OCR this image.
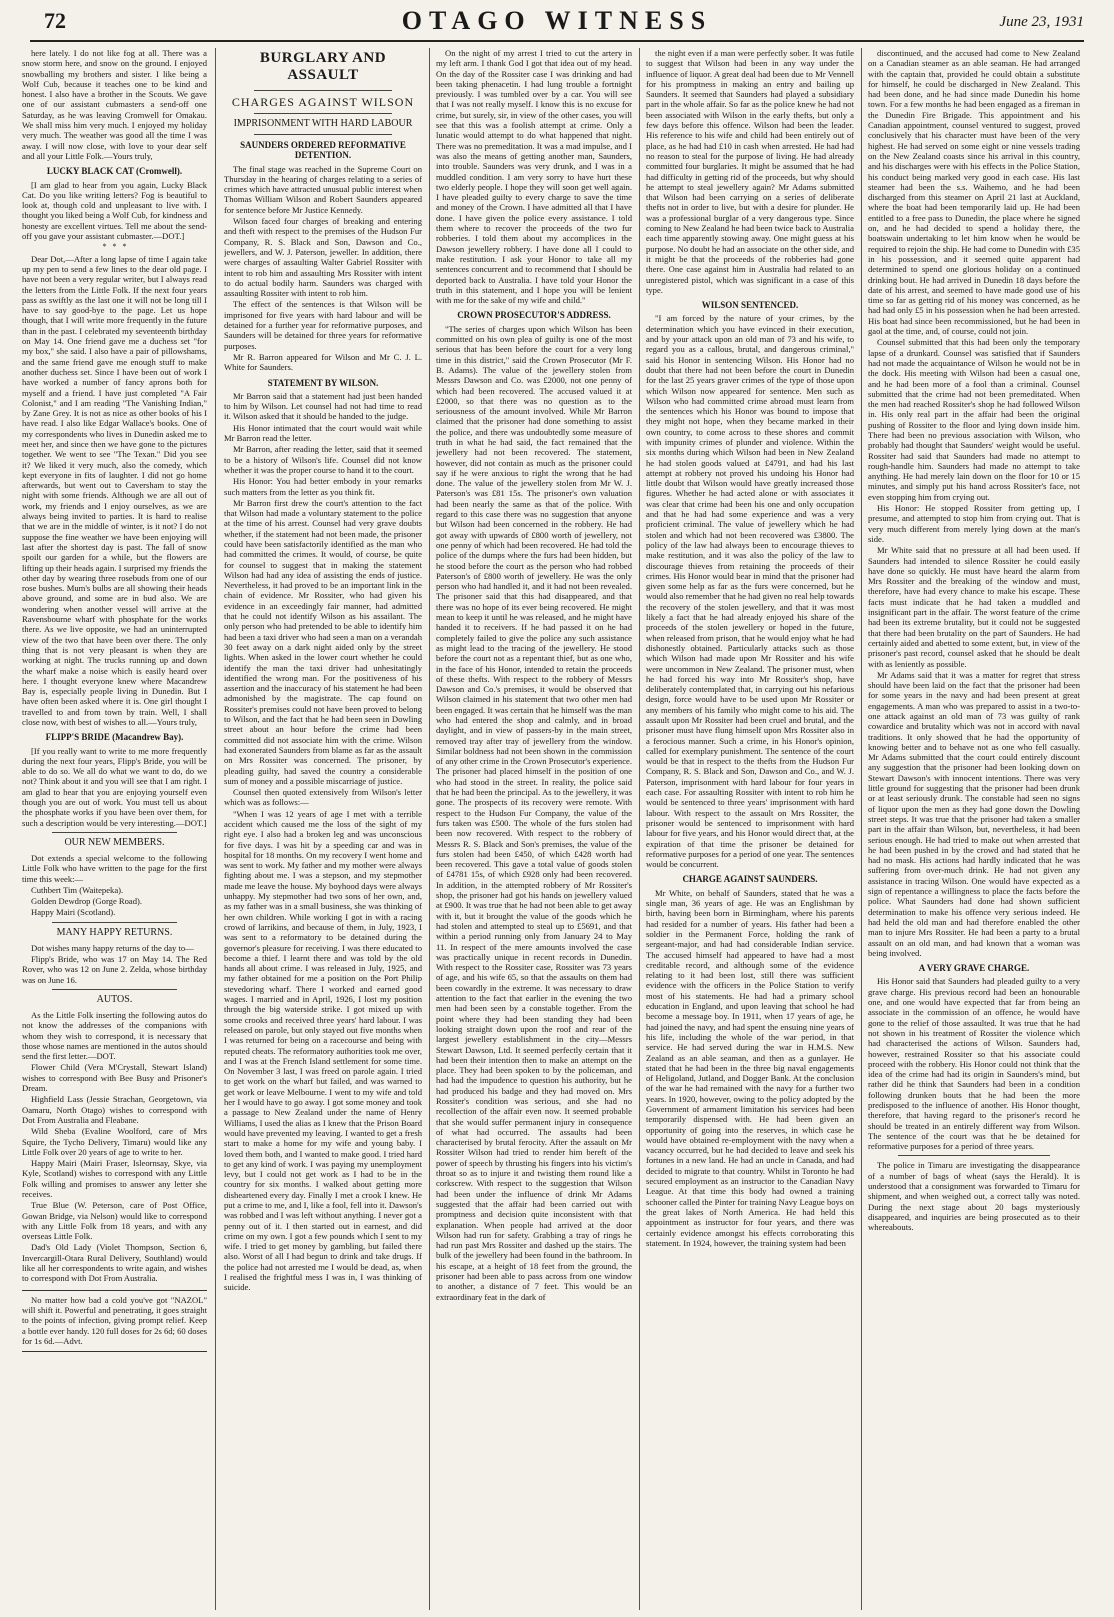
72	OTAGO WITNESS	June 23, 1931

here lately. I do not like fog at all. There was a snow storm here, and snow on the ground. I enjoyed snowballing my brothers and sister. I like being a Wolf Cub, because it teaches one to be kind and honest. I also have a brother in the Scouts. We gave one of our assistant cubmasters a send-off one Saturday, as he was leaving Cromwell for Omakau. We shall miss him very much. I enjoyed my holiday very much. The weather was good all the time I was away. I will now close, with love to your dear self and all your Little Folk.—Yours truly,

LUCKY BLACK CAT (Cromwell).

[I am glad to hear from you again, Lucky Black Cat. Do you like writing letters? Fog is beautiful to look at, though cold and unpleasant to live with. I thought you liked being a Wolf Cub, for kindness and honesty are excellent virtues. Tell me about the send-off you gave your assistant cubmaster.—DOT.]

*   *   *

Dear Dot,—After a long lapse of time I again take up my pen to send a few lines to the dear old page. I have not been a very regular writer, but I always read the letters from the Little Folk. If the next four years pass as swiftly as the last one it will not be long till I have to say good-bye to the page. Let us hope though, that I will write more frequently in the future than in the past. I celebrated my seventeenth birthday on May 14. One friend gave me a duchess set "for my box," she said. I also have a pair of pillowshams, and the same friend gave me enough stuff to make another duchess set. Since I have been out of work I have worked a number of fancy aprons both for myself and a friend. I have just completed "A Fair Colonist," and I am reading "The Vanishing Indian," by Zane Grey. It is not as nice as other books of his I have read. I also like Edgar Wallace's books. One of my correspondents who lives in Dunedin asked me to meet her, and since then we have gone to the pictures together. We went to see "The Texan." Did you see it? We liked it very much, also the comedy, which kept everyone in fits of laughter. I did not go home afterwards, but went out to Caversham to stay the night with some friends. Although we are all out of work, my friends and I enjoy ourselves, as we are always being invited to parties. It is hard to realise that we are in the middle of winter, is it not? I do not suppose the fine weather we have been enjoying will last after the shortest day is past. The fall of snow spoilt our garden for a while, but the flowers are lifting up their heads again. I surprised my friends the other day by wearing three rosebuds from one of our rose bushes. Mum's bulbs are all showing their heads above ground, and some are in bud also. We are wondering when another vessel will arrive at the Ravensbourne wharf with phosphate for the works there. As we live opposite, we had an uninterrupted view of the two that have been over there. The only thing that is not very pleasant is when they are working at night. The trucks running up and down the wharf make a noise which is easily heard over here. I thought everyone knew where Macandrew Bay is, especially people living in Dunedin. But I have often been asked where it is. One girl thought I travelled to and from town by train. Well, I shall close now, with best of wishes to all.—Yours truly,

FLIPP'S BRIDE (Macandrew Bay).

[If you really want to write to me more frequently during the next four years, Flipp's Bride, you will be able to do so. We all do what we want to do, do we not? Think about it and you will see that I am right. I am glad to hear that you are enjoying yourself even though you are out of work. You must tell us about the phosphate works if you have been over them, for such a description would be very interesting.—DOT.]

OUR NEW MEMBERS.

Dot extends a special welcome to the following Little Folk who have written to the page for the first time this week:—

Cuthbert Tim (Waitepeka).

Golden Dewdrop (Gorge Road).

Happy Mairi (Scotland).

MANY HAPPY RETURNS.

Dot wishes many happy returns of the day to—

Flipp's Bride, who was 17 on May 14. The Red Rover, who was 12 on June 2. Zelda, whose birthday was on June 16.

AUTOS.

As the Little Folk inserting the following autos do not know the addresses of the companions with whom they wish to correspond, it is necessary that those whose names are mentioned in the autos should send the first letter.—DOT.

Flower Child (Vera M'Crystall, Stewart Island) wishes to correspond with Bee Busy and Prisoner's Dream.

Highfield Lass (Jessie Strachan, Georgetown, via Oamaru, North Otago) wishes to correspond with Dot From Australia and Fleabane.

Wild Sheba (Evaline Woolford, care of Mrs Squire, the Tycho Delivery, Timaru) would like any Little Folk over 20 years of age to write to her.

Happy Mairi (Mairi Fraser, Isleornsay, Skye, via Kyle, Scotland) wishes to correspond with any Little Folk willing and promises to answer any letter she receives.

True Blue (W. Peterson, care of Post Office, Gowan Bridge, via Nelson) would like to correspond with any Little Folk from 18 years, and with any overseas Little Folk.

Dad's Old Lady (Violet Thompson, Section 6, Invercargill-Otara Rural Delivery, Southland) would like all her correspondents to write again, and wishes to correspond with Dot From Australia.

No matter how bad a cold you've got "NAZOL" will shift it. Powerful and penetrating, it goes straight to the points of infection, giving prompt relief. Keep a bottle ever handy. 120 full doses for 2s 6d; 60 doses for 1s 6d.—Advt.

BURGLARY AND ASSAULT
CHARGES AGAINST WILSON
IMPRISONMENT WITH HARD LABOUR
SAUNDERS ORDERED REFORMATIVE DETENTION.

The final stage was reached in the Supreme Court on Thursday in the hearing of charges relating to a series of crimes which have attracted unusual public interest when Thomas William Wilson and Robert Saunders appeared for sentence before Mr Justice Kennedy.

Wilson faced four charges of breaking and entering and theft with respect to the premises of the Hudson Fur Company, R. S. Black and Son, Dawson and Co., jewellers, and W. J. Paterson, jeweller. In addition, there were charges of assaulting Walter Gabriel Rossiter with intent to rob him and assaulting Mrs Rossiter with intent to do actual bodily harm. Saunders was charged with assaulting Rossiter with intent to rob him.

The effect of the sentences is that Wilson will be imprisoned for five years with hard labour and will be detained for a further year for reformative purposes, and Saunders will be detained for three years for reformative purposes.

Mr R. Barron appeared for Wilson and Mr C. J. L. White for Saunders.

STATEMENT BY WILSON.

Mr Barron said that a statement had just been handed to him by Wilson. Let counsel had not had time to read it. Wilson asked that it should be handed to the judge.

His Honor intimated that the court would wait while Mr Barron read the letter.

Mr Barron, after reading the letter, said that it seemed to be a history of Wilson's life. Counsel did not know whether it was the proper course to hand it to the court.

His Honor: You had better embody in your remarks such matters from the letter as you think fit.

Mr Barron first drew the court's attention to the fact that Wilson had made a voluntary statement to the police at the time of his arrest. Counsel had very grave doubts whether, if the statement had not been made, the prisoner could have been satisfactorily identified as the man who had committed the crimes. It would, of course, be quite for counsel to suggest that in making the statement Wilson had had any idea of assisting the ends of justice. Nevertheless, it had proved to be an important link in the chain of evidence. Mr Rossiter, who had given his evidence in an exceedingly fair manner, had admitted that he could not identify Wilson as his assailant. The only person who had pretended to be able to identify him had been a taxi driver who had seen a man on a verandah 30 feet away on a dark night aided only by the street lights. When asked in the lower court whether he could identify the man the taxi driver had unhesitatingly identified the wrong man. For the positiveness of his assertion and the inaccuracy of his statement he had been admonished by the magistrate. The cap found on Rossiter's premises could not have been proved to belong to Wilson, and the fact that he had been seen in Dowling street about an hour before the crime had been committed did not associate him with the crime. Wilson had exonerated Saunders from blame as far as the assault on Mrs Rossiter was concerned. The prisoner, by pleading guilty, had saved the country a considerable sum of money and a possible miscarriage of justice.

Counsel then quoted extensively from Wilson's letter which was as follows:—

"When I was 12 years of age I met with a terrible accident which caused me the loss of the sight of my right eye. I also had a broken leg and was unconscious for five days. I was hit by a speeding car and was in hospital for 18 months. On my recovery I went home and was sent to work. My father and my mother were always fighting about me. I was a stepson, and my stepmother made me leave the house. My boyhood days were always unhappy. My stepmother had two sons of her own, and, as my father was in a small business, she was thinking of her own children. While working I got in with a racing crowd of larrikins, and because of them, in July, 1923, I was sent to a reformatory to be detained during the governor's pleasure for receiving. I was there educated to become a thief. I learnt there and was told by the old hands all about crime. I was released in July, 1925, and my father obtained for me a position on the Port Philip stevedoring wharf. There I worked and earned good wages. I married and in April, 1926, I lost my position through the big waterside strike. I got mixed up with some crooks and received three years' hard labour. I was released on parole, but only stayed out five months when I was returned for being on a racecourse and being with reputed cheats. The reformatory authorities took me over, and I was at the French Island settlement for some time. On November 3 last, I was freed on parole again. I tried to get work on the wharf but failed, and was warned to get work or leave Melbourne. I went to my wife and told her I would have to go away. I got some money and took a passage to New Zealand under the name of Henry Williams, I used the alias as I knew that the Prison Board would have prevented my leaving. I wanted to get a fresh start to make a home for my wife and young baby. I loved them both, and I wanted to make good. I tried hard to get any kind of work. I was paying my unemployment levy, but I could not get work as I had to be in the country for six months. I walked about getting more disheartened every day. Finally I met a crook I knew. He put a crime to me, and I, like a fool, fell into it. Dawson's was robbed and I was left without anything. I never got a penny out of it. I then started out in earnest, and did crime on my own. I got a few pounds which I sent to my wife. I tried to get money by gambling, but failed there also. Worst of all I had begun to drink and take drugs. If the police had not arrested me I would be dead, as, when I realised the frightful mess I was in, I was thinking of suicide.

On the night of my arrest I tried to cut the artery in my left arm. I thank God I got that idea out of my head. On the day of the Rossiter case I was drinking and had been taking phenacetin. I had lung trouble a fortnight previously. I was tumbled over by a car. You will see that I was not really myself. I know this is no excuse for crime, but surely, sir, in view of the other cases, you will see that this was a foolish attempt at crime. Only a lunatic would attempt to do what happened that night. There was no premeditation. It was a mad impulse, and I was also the means of getting another man, Saunders, into trouble. Saunders was very drunk, and I was in a muddled condition. I am very sorry to have hurt these two elderly people. I hope they will soon get well again. I have pleaded guilty to every charge to save the time and money of the Crown. I have admitted all that I have done. I have given the police every assistance. I told them where to recover the proceeds of the two fur robberies. I told them about my accomplices in the Dawson jewellery robbery. I have done all I could to make restitution. I ask your Honor to take all my sentences concurrent and to recommend that I should be deported back to Australia. I have told your Honor the truth in this statement, and I hope you will be lenient with me for the sake of my wife and child."

CROWN PROSECUTOR'S ADDRESS.

"The series of charges upon which Wilson has been committed on his own plea of guilty is one of the most serious that has been before the court for a very long time in this district," said the Crown Prosecutor (Mr F. B. Adams). The value of the jewellery stolen from Messrs Dawson and Co. was £2000, not one penny of which had been recovered. The accused valued it at £2000, so that there was no question as to the seriousness of the amount involved. While Mr Barron claimed that the prisoner had done something to assist the police, and there was undoubtedly some measure of truth in what he had said, the fact remained that the jewellery had not been recovered. The statement, however, did not contain as much as the prisoner could say if he were anxious to right the wrong that he had done. The value of the jewellery stolen from Mr W. J. Paterson's was £81 15s. The prisoner's own valuation had been nearly the same as that of the police. With regard to this case there was no suggestion that anyone but Wilson had been concerned in the robbery. He had got away with upwards of £800 worth of jewellery, not one penny of which had been recovered. He had told the police of the dumps where the furs had been hidden, but he stood before the court as the person who had robbed Paterson's of £800 worth of jewellery. He was the only person who had handled it, and it had not been revealed. The prisoner said that this had disappeared, and that there was no hope of its ever being recovered. He might mean to keep it until he was released, and he might have handed it to receivers. If he had passed it on he had completely failed to give the police any such assistance as might lead to the tracing of the jewellery. He stood before the court not as a repentant thief, but as one who, in the face of his Honor, intended to retain the proceeds of these thefts. With respect to the robbery of Messrs Dawson and Co.'s premises, it would be observed that Wilson claimed in his statement that two other men had been engaged. It was certain that he himself was the man who had entered the shop and calmly, and in broad daylight, and in view of passers-by in the main street, removed tray after tray of jewellery from the window. Similar boldness had not been shown in the commission of any other crime in the Crown Prosecutor's experience. The prisoner had placed himself in the position of one who had stood in the street. In reality, the police said that he had been the principal. As to the jewellery, it was gone. The prospects of its recovery were remote. With respect to the Hudson Fur Company, the value of the furs taken was £500. The whole of the furs stolen had been now recovered. With respect to the robbery of Messrs R. S. Black and Son's premises, the value of the furs stolen had been £450, of which £428 worth had been recovered. This gave a total value of goods stolen of £4781 15s, of which £928 only had been recovered. In addition, in the attempted robbery of Mr Rossiter's shop, the prisoner had got his hands on jewellery valued at £900. It was true that he had not been able to get away with it, but it brought the value of the goods which he had stolen and attempted to steal up to £5691, and that within a period running only from January 24 to May 11. In respect of the mere amounts involved the case was practically unique in recent records in Dunedin. With respect to the Rossiter case, Rossiter was 73 years of age, and his wife 65, so that the assaults on them had been cowardly in the extreme. It was necessary to draw attention to the fact that earlier in the evening the two men had been seen by a constable together. From the point where they had been standing they had been looking straight down upon the roof and rear of the largest jewellery establishment in the city—Messrs Stewart Dawson, Ltd. It seemed perfectly certain that it had been their intention then to make an attempt on the place. They had been spoken to by the policeman, and had had the impudence to question his authority, but he had produced his badge and they had moved on. Mrs Rossiter's condition was serious, and she had no recollection of the affair even now. It seemed probable that she would suffer permanent injury in consequence of what had occurred. The assaults had been characterised by brutal ferocity. After the assault on Mr Rossiter Wilson had tried to render him bereft of the power of speech by thrusting his fingers into his victim's throat so as to injure it and twisting them round like a corkscrew. With respect to the suggestion that Wilson had been under the influence of drink Mr Adams suggested that the affair had been carried out with promptness and decision quite inconsistent with that explanation. When people had arrived at the door Wilson had run for safety. Grabbing a tray of rings he had run past Mrs Rossiter and dashed up the stairs. The bulk of the jewellery had been found in the bathroom. In his escape, at a height of 18 feet from the ground, the prisoner had been able to pass across from one window to another, a distance of 7 feet. This would be an extraordinary feat in the dark of

the night even if a man were perfectly sober. It was futile to suggest that Wilson had been in any way under the influence of liquor. A great deal had been due to Mr Vennell for his promptness in making an entry and bailing up Saunders. It seemed that Saunders had played a subsidiary part in the whole affair. So far as the police knew he had not been associated with Wilson in the early thefts, but only a few days before this offence. Wilson had been the leader. His reference to his wife and child had been entirely out of place, as he had had £10 in cash when arrested. He had had no reason to steal for the purpose of living. He had already committed four burglaries. It might be assumed that he had had difficulty in getting rid of the proceeds, but why should he attempt to steal jewellery again? Mr Adams submitted that Wilson had been carrying on a series of deliberate thefts not in order to live, but with a desire for plunder. He was a professional burglar of a very dangerous type. Since coming to New Zealand he had been twice back to Australia each time apparently stowing away. One might guess at his purpose. No doubt he had an associate on the other side, and it might be that the proceeds of the robberies had gone there. One case against him in Australia had related to an unregistered pistol, which was significant in a case of this type.

WILSON SENTENCED.

"I am forced by the nature of your crimes, by the determination which you have evinced in their execution, and by your attack upon an old man of 73 and his wife, to regard you as a callous, brutal, and dangerous criminal," said his Honor in sentencing Wilson. His Honor had no doubt that there had not been before the court in Dunedin for the last 25 years graver crimes of the type of those upon which Wilson now appeared for sentence. Men such as Wilson who had committed crime abroad must learn from the sentences which his Honor was bound to impose that they might not hope, when they became marked in their own country, to come across to these shores and commit with impunity crimes of plunder and violence. Within the six months during which Wilson had been in New Zealand he had stolen goods valued at £4791, and had his last attempt at robbery not proved his undoing his Honor had little doubt that Wilson would have greatly increased those figures. Whether he had acted alone or with associates it was clear that crime had been his one and only occupation and that he had had some experience and was a very proficient criminal. The value of jewellery which he had stolen and which had not been recovered was £3800. The policy of the law had always been to encourage thieves to make restitution, and it was also the policy of the law to discourage thieves from retaining the proceeds of their crimes. His Honor would bear in mind that the prisoner had given some help as far as the furs were concerned, but he would also remember that he had given no real help towards the recovery of the stolen jewellery, and that it was most likely a fact that he had already enjoyed his share of the proceeds of the stolen jewellery or hoped in the future, when released from prison, that he would enjoy what he had dishonestly obtained. Particularly attacks such as those which Wilson had made upon Mr Rossiter and his wife were uncommon in New Zealand. The prisoner must, when he had forced his way into Mr Rossiter's shop, have deliberately contemplated that, in carrying out his nefarious design, force would have to be used upon Mr Rossiter or any members of his family who might come to his aid. The assault upon Mr Rossiter had been cruel and brutal, and the prisoner must have flung himself upon Mrs Rossiter also in a ferocious manner. Such a crime, in his Honor's opinion, called for exemplary punishment. The sentence of the court would be that in respect to the thefts from the Hudson Fur Company, R. S. Black and Son, Dawson and Co., and W. J. Paterson, imprisonment with hard labour for four years in each case. For assaulting Rossiter with intent to rob him he would be sentenced to three years' imprisonment with hard labour. With respect to the assault on Mrs Rossiter, the prisoner would be sentenced to imprisonment with hard labour for five years, and his Honor would direct that, at the expiration of that time the prisoner be detained for reformative purposes for a period of one year. The sentences would be concurrent.

CHARGE AGAINST SAUNDERS.

Mr White, on behalf of Saunders, stated that he was a single man, 36 years of age. He was an Englishman by birth, having been born in Birmingham, where his parents had resided for a number of years. His father had been a soldier in the Permanent Force, holding the rank of sergeant-major, and had had considerable Indian service. The accused himself had appeared to have had a most creditable record, and although some of the evidence relating to it had been lost, still there was sufficient evidence with the officers in the Police Station to verify most of his statements. He had had a primary school education in England, and upon leaving that school he had become a message boy. In 1911, when 17 years of age, he had joined the navy, and had spent the ensuing nine years of his life, including the whole of the war period, in that service. He had served during the war in H.M.S. New Zealand as an able seaman, and then as a gunlayer. He stated that he had been in the three big naval engagements of Heligoland, Jutland, and Dogger Bank. At the conclusion of the war he had remained with the navy for a further two years. In 1920, however, owing to the policy adopted by the Government of armament limitation his services had been temporarily dispensed with. He had been given an opportunity of going into the reserves, in which case he would have obtained re-employment with the navy when a vacancy occurred, but he had decided to leave and seek his fortunes in a new land. He had an uncle in Canada, and had decided to migrate to that country. Whilst in Toronto he had secured employment as an instructor to the Canadian Navy League. At that time this body had owned a training schooner called the Pinter for training Navy League boys on the great lakes of North America. He had held this appointment as instructor for four years, and there was certainly evidence amongst his effects corroborating this statement. In 1924, however, the training system had been

discontinued, and the accused had come to New Zealand on a Canadian steamer as an able seaman. He had arranged with the captain that, provided he could obtain a substitute for himself, he could be discharged in New Zealand. This had been done, and he had since made Dunedin his home town. For a few months he had been engaged as a fireman in the Dunedin Fire Brigade. This appointment and his Canadian appointment, counsel ventured to suggest, proved conclusively that his character must have been of the very highest. He had served on some eight or nine vessels trading on the New Zealand coasts since his arrival in this country, and his discharges were with his effects in the Police Station, his conduct being marked very good in each case. His last steamer had been the s.s. Waihemo, and he had been discharged from this steamer on April 21 last at Auckland, where the boat had been temporarily laid up. He had been entitled to a free pass to Dunedin, the place where he signed on, and he had decided to spend a holiday there, the boatswain undertaking to let him know when he would be required to rejoin the ship. He had come to Dunedin with £35 in his possession, and it seemed quite apparent had determined to spend one glorious holiday on a continued drinking bout. He had arrived in Dunedin 18 days before the date of his arrest, and seemed to have made good use of his time so far as getting rid of his money was concerned, as he had had only £5 in his possession when he had been arrested. His boat had since been recommissioned, but he had been in gaol at the time, and, of course, could not join.

Counsel submitted that this had been only the temporary lapse of a drunkard. Counsel was satisfied that if Saunders had not made the acquaintance of Wilson he would not be in the dock. His meeting with Wilson had been a casual one, and he had been more of a fool than a criminal. Counsel submitted that the crime had not been premeditated. When the men had reached Rossiter's shop he had followed Wilson in. His only real part in the affair had been the original pushing of Rossiter to the floor and lying down inside him. There had been no previous association with Wilson, who probably had thought that Saunders' weight would be useful. Rossiter had said that Saunders had made no attempt to rough-handle him. Saunders had made no attempt to take anything. He had merely lain down on the floor for 10 or 15 minutes, and simply put his hand across Rossiter's face, not even stopping him from crying out.

His Honor: He stopped Rossiter from getting up, I presume, and attempted to stop him from crying out. That is very much different from merely lying down at the man's side.

Mr White said that no pressure at all had been used. If Saunders had intended to silence Rossiter he could easily have done so quickly. He must have heard the alarm from Mrs Rossiter and the breaking of the window and must, therefore, have had every chance to make his escape. These facts must indicate that he had taken a muddled and insignificant part in the affair. The worst feature of the crime had been its extreme brutality, but it could not be suggested that there had been brutality on the part of Saunders. He had certainly aided and abetted to some extent, but, in view of the prisoner's past record, counsel asked that he should be dealt with as leniently as possible.

Mr Adams said that it was a matter for regret that stress should have been laid on the fact that the prisoner had been for some years in the navy and had been present at great engagements. A man who was prepared to assist in a two-to-one attack against an old man of 73 was guilty of rank cowardice and brutality which was not in accord with naval traditions. It only showed that he had the opportunity of knowing better and to behave not as one who fell casually. Mr Adams submitted that the court could entirely discount any suggestion that the prisoner had been looking down on Stewart Dawson's with innocent intentions. There was very little ground for suggesting that the prisoner had been drunk or at least seriously drunk. The constable had seen no signs of liquor upon the men as they had gone down the Dowling street steps. It was true that the prisoner had taken a smaller part in the affair than Wilson, but, nevertheless, it had been serious enough. He had tried to make out when arrested that he had been pushed in by the crowd and had stated that he had no mask. His actions had hardly indicated that he was suffering from over-much drink. He had not given any assistance in tracing Wilson. One would have expected as a sign of repentance a willingness to place the facts before the police. What Saunders had done had shown sufficient determination to make his offence very serious indeed. He had held the old man and had therefore enabled the other man to injure Mrs Rossiter. He had been a party to a brutal assault on an old man, and had known that a woman was being involved.

A VERY GRAVE CHARGE.

His Honor said that Saunders had pleaded guilty to a very grave charge. His previous record had been an honourable one, and one would have expected that far from being an associate in the commission of an offence, he would have gone to the relief of those assaulted. It was true that he had not shown in his treatment of Rossiter the violence which had characterised the actions of Wilson. Saunders had, however, restrained Rossiter so that his associate could proceed with the robbery. His Honor could not think that the idea of the crime had had its origin in Saunders's mind, but rather did he think that Saunders had been in a condition following drunken bouts that he had been the more predisposed to the influence of another. His Honor thought, therefore, that having regard to the prisoner's record he should be treated in an entirely different way from Wilson. The sentence of the court was that he be detained for reformative purposes for a period of three years.

The police in Timaru are investigating the disappearance of a number of bags of wheat (says the Herald). It is understood that a consignment was forwarded to Timaru for shipment, and when weighed out, a correct tally was noted. During the next stage about 20 bags mysteriously disappeared, and inquiries are being prosecuted as to their whereabouts.
